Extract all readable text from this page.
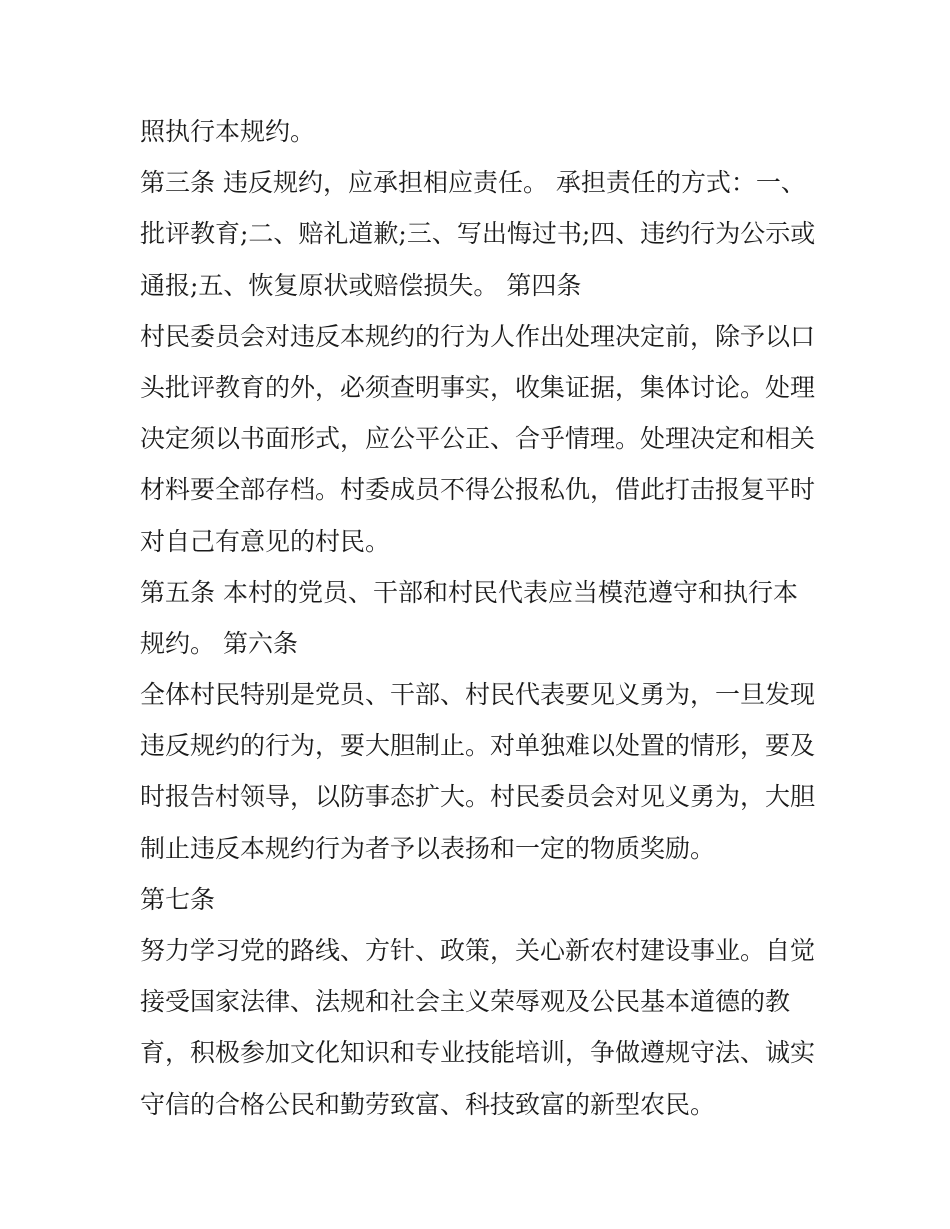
照执行本规约。
第三条 违反规约，应承担相应责任。 承担责任的方式：一、
批评教育;二、赔礼道歉;三、写出悔过书;四、违约行为公示或
通报;五、恢复原状或赔偿损失。 第四条
村民委员会对违反本规约的行为人作出处理决定前，除予以口
头批评教育的外，必须查明事实，收集证据，集体讨论。处理
决定须以书面形式，应公平公正、合乎情理。处理决定和相关
材料要全部存档。村委成员不得公报私仇，借此打击报复平时
对自己有意见的村民。
第五条 本村的党员、干部和村民代表应当模范遵守和执行本
规约。 第六条
全体村民特别是党员、干部、村民代表要见义勇为，一旦发现
违反规约的行为，要大胆制止。对单独难以处置的情形，要及
时报告村领导，以防事态扩大。村民委员会对见义勇为，大胆
制止违反本规约行为者予以表扬和一定的物质奖励。
第七条
努力学习党的路线、方针、政策，关心新农村建设事业。自觉
接受国家法律、法规和社会主义荣辱观及公民基本道德的教
育，积极参加文化知识和专业技能培训，争做遵规守法、诚实
守信的合格公民和勤劳致富、科技致富的新型农民。
